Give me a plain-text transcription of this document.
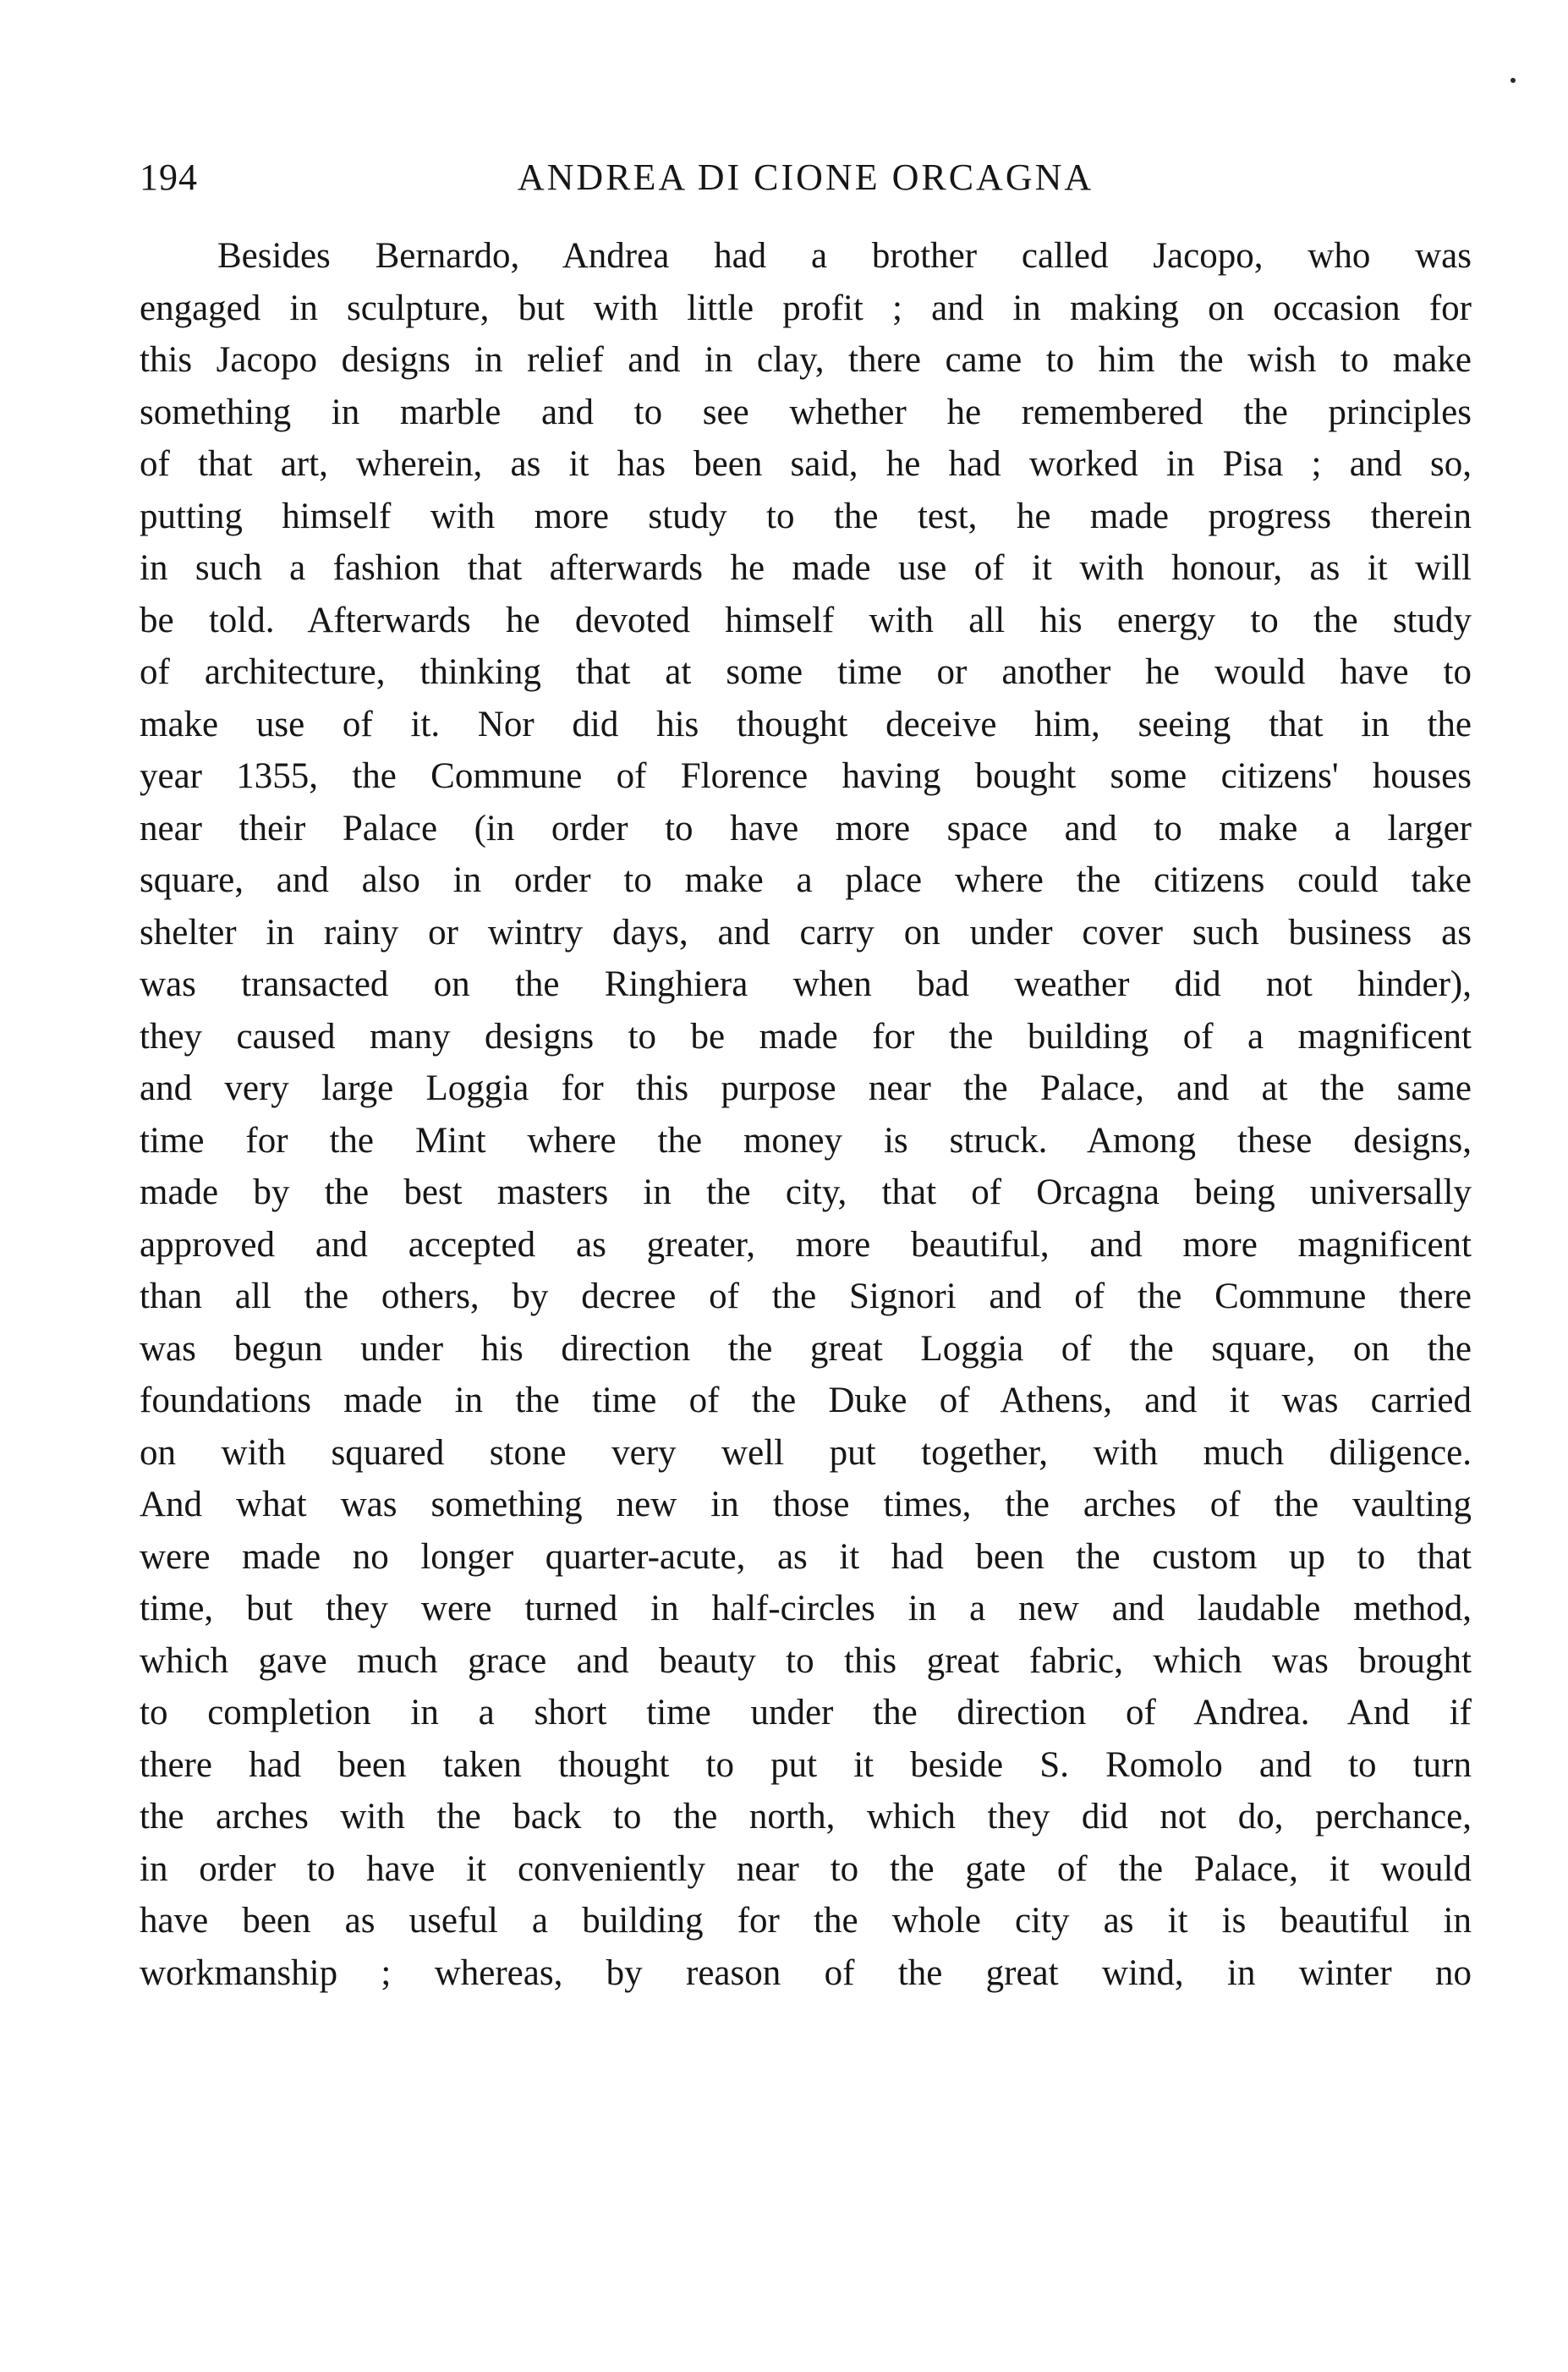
194	ANDREA DI CIONE ORCAGNA
Besides Bernardo, Andrea had a brother called Jacopo, who was
engaged in sculpture, but with little profit ; and in making on occasion for
this Jacopo designs in relief and in clay, there came to him the wish to make
something in marble and to see whether he remembered the principles
of that art, wherein, as it has been said, he had worked in Pisa ; and so,
putting himself with more study to the test, he made progress therein
in such a fashion that afterwards he made use of it with honour, as it will
be told. Afterwards he devoted himself with all his energy to the study
of architecture, thinking that at some time or another he would have to
make use of it. Nor did his thought deceive him, seeing that in the
year 1355, the Commune of Florence having bought some citizens' houses
near their Palace (in order to have more space and to make a larger
square, and also in order to make a place where the citizens could take
shelter in rainy or wintry days, and carry on under cover such business as
was transacted on the Ringhiera when bad weather did not hinder),
they caused many designs to be made for the building of a magnificent
and very large Loggia for this purpose near the Palace, and at the same
time for the Mint where the money is struck. Among these designs,
made by the best masters in the city, that of Orcagna being universally
approved and accepted as greater, more beautiful, and more magnificent
than all the others, by decree of the Signori and of the Commune there
was begun under his direction the great Loggia of the square, on the
foundations made in the time of the Duke of Athens, and it was carried
on with squared stone very well put together, with much diligence.
And what was something new in those times, the arches of the vaulting
were made no longer quarter-acute, as it had been the custom up to that
time, but they were turned in half-circles in a new and laudable method,
which gave much grace and beauty to this great fabric, which was brought
to completion in a short time under the direction of Andrea. And if
there had been taken thought to put it beside S. Romolo and to turn
the arches with the back to the north, which they did not do, perchance,
in order to have it conveniently near to the gate of the Palace, it would
have been as useful a building for the whole city as it is beautiful in
workmanship ; whereas, by reason of the great wind, in winter no
